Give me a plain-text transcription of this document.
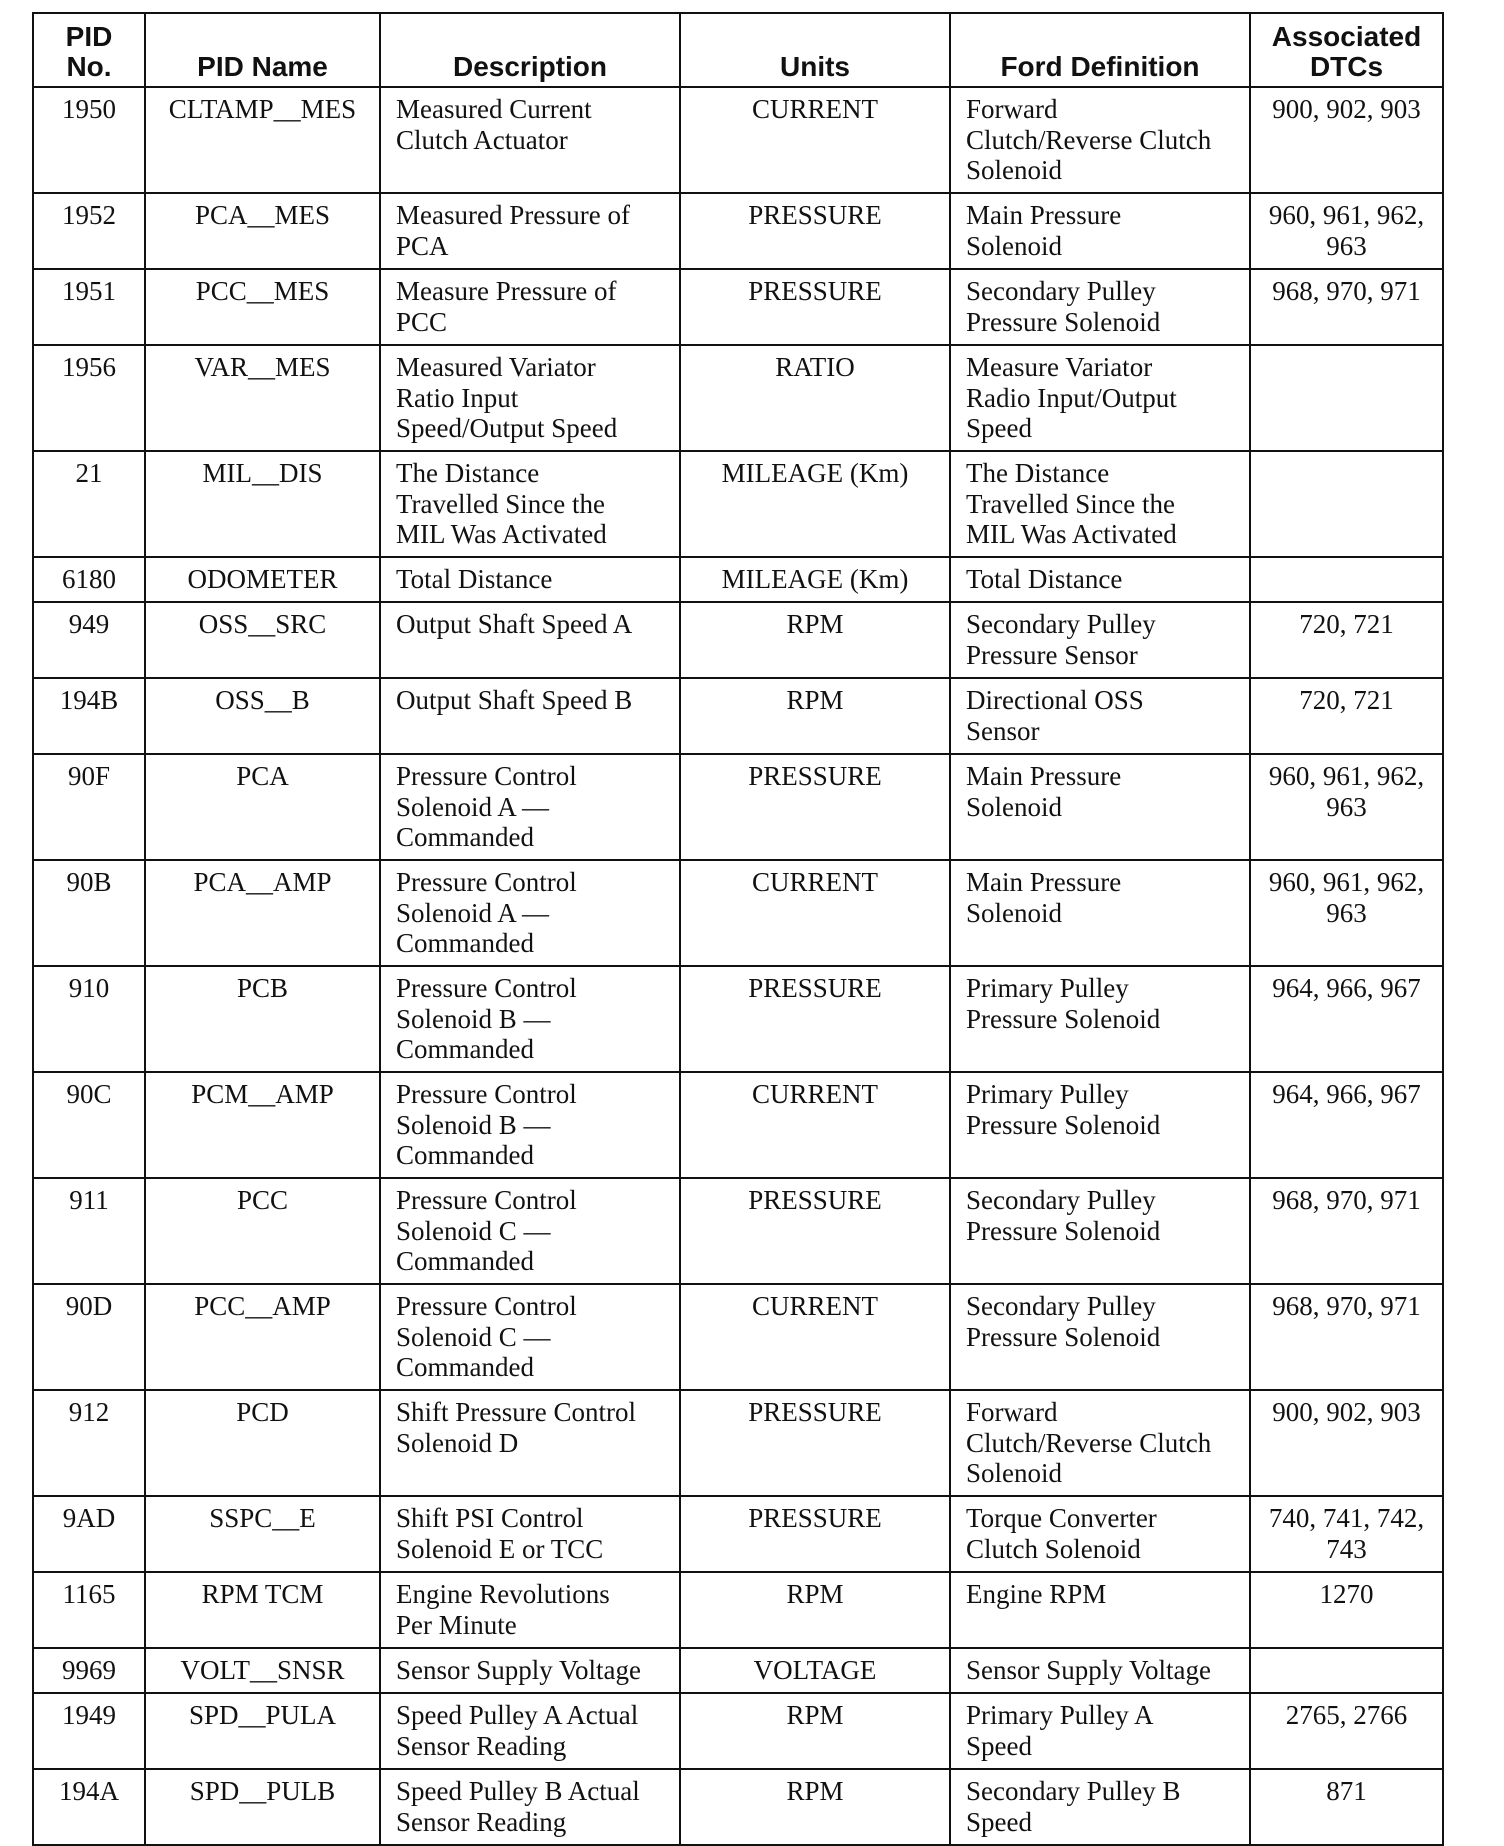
PID No.	PID Name	Description	Units	Ford Definition	Associated DTCs

1950	CLTAMP__MES	Measured Current
Clutch Actuator	CURRENT	Forward
Clutch/Reverse Clutch
Solenoid	900, 902, 903

1952	PCA__MES	Measured Pressure of
PCA	PRESSURE	Main Pressure
Solenoid	960, 961, 962,
963

1951	PCC__MES	Measure Pressure of
PCC	PRESSURE	Secondary Pulley
Pressure Solenoid	968, 970, 971

1956	VAR__MES	Measured Variator
Ratio Input
Speed/Output Speed	RATIO	Measure Variator
Radio Input/Output
Speed	

21	MIL__DIS	The Distance
Travelled Since the
MIL Was Activated	MILEAGE (Km)	The Distance
Travelled Since the
MIL Was Activated	

6180	ODOMETER	Total Distance	MILEAGE (Km)	Total Distance	

949	OSS__SRC	Output Shaft Speed A	RPM	Secondary Pulley
Pressure Sensor	720, 721

194B	OSS__B	Output Shaft Speed B	RPM	Directional OSS
Sensor	720, 721

90F	PCA	Pressure Control
Solenoid A —
Commanded	PRESSURE	Main Pressure
Solenoid	960, 961, 962,
963

90B	PCA__AMP	Pressure Control
Solenoid A —
Commanded	CURRENT	Main Pressure
Solenoid	960, 961, 962,
963

910	PCB	Pressure Control
Solenoid B —
Commanded	PRESSURE	Primary Pulley
Pressure Solenoid	964, 966, 967

90C	PCM__AMP	Pressure Control
Solenoid B —
Commanded	CURRENT	Primary Pulley
Pressure Solenoid	964, 966, 967

911	PCC	Pressure Control
Solenoid C —
Commanded	PRESSURE	Secondary Pulley
Pressure Solenoid	968, 970, 971

90D	PCC__AMP	Pressure Control
Solenoid C —
Commanded	CURRENT	Secondary Pulley
Pressure Solenoid	968, 970, 971

912	PCD	Shift Pressure Control
Solenoid D	PRESSURE	Forward
Clutch/Reverse Clutch
Solenoid	900, 902, 903

9AD	SSPC__E	Shift PSI Control
Solenoid E or TCC	PRESSURE	Torque Converter
Clutch Solenoid	740, 741, 742,
743

1165	RPM TCM	Engine Revolutions
Per Minute	RPM	Engine RPM	1270

9969	VOLT__SNSR	Sensor Supply Voltage	VOLTAGE	Sensor Supply Voltage	

1949	SPD__PULA	Speed Pulley A Actual
Sensor Reading	RPM	Primary Pulley A
Speed	2765, 2766

194A	SPD__PULB	Speed Pulley B Actual
Sensor Reading	RPM	Secondary Pulley B
Speed	871
